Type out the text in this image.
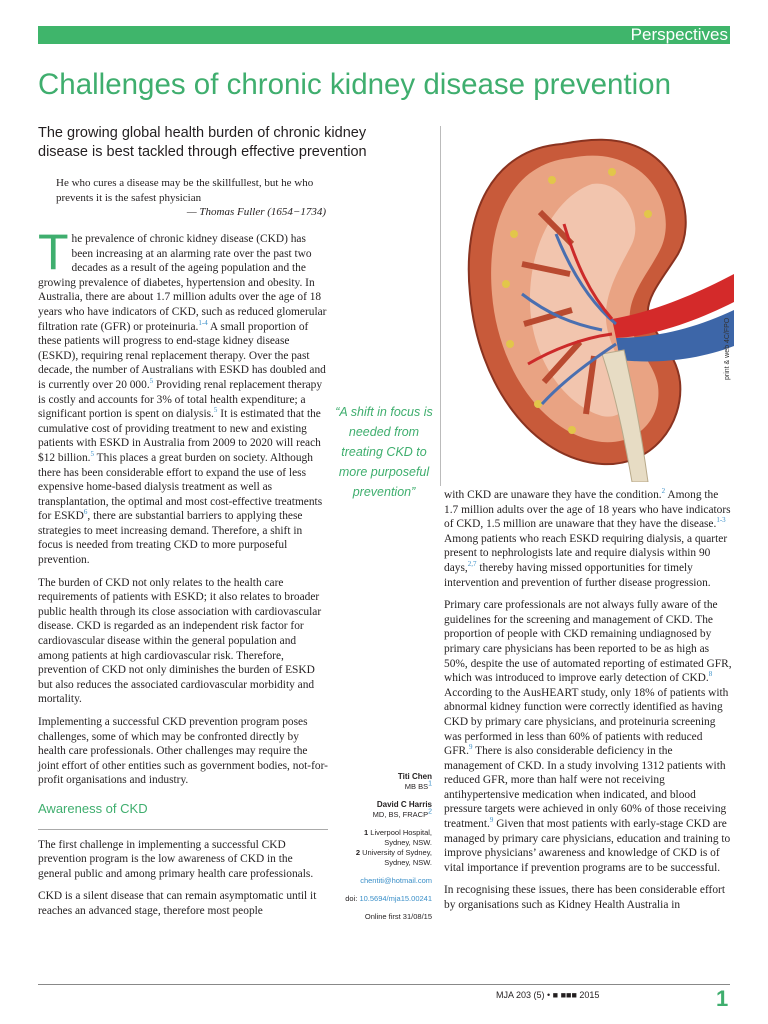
Perspectives
Challenges of chronic kidney disease prevention
The growing global health burden of chronic kidney disease is best tackled through effective prevention
He who cures a disease may be the skillfullest, but he who prevents it is the safest physician
— Thomas Fuller (1654−1734)

The prevalence of chronic kidney disease (CKD) has been increasing at an alarming rate over the past two decades as a result of the ageing population and the growing prevalence of diabetes, hypertension and obesity. In Australia, there are about 1.7 million adults over the age of 18 years who have indicators of CKD, such as reduced glomerular filtration rate (GFR) or proteinuria.$^{1-4}$ A small proportion of these patients will progress to end-stage kidney disease (ESKD), requiring renal replacement therapy. Over the past decade, the number of Australians with ESKD has doubled and is currently over 20 000.$^5$ Providing renal replacement therapy is costly and accounts for 3% of total health expenditure; a significant portion is spent on dialysis.$^5$ It is estimated that the cumulative cost of providing treatment to new and existing patients with ESKD in Australia from 2009 to 2020 will reach $12 billion.$^5$ This places a great burden on society. Although there has been considerable effort to expand the use of less expensive home-based dialysis treatment as well as transplantation, the optimal and most cost-effective treatments for ESKD$^6$, there are substantial barriers to applying these strategies to meet increasing demand. Therefore, a shift in focus is needed from treating CKD to more purposeful prevention.

The burden of CKD not only relates to the health care requirements of patients with ESKD; it also relates to broader public health through its close association with cardiovascular disease. CKD is regarded as an independent risk factor for cardiovascular disease within the general population and among patients at high cardiovascular risk. Therefore, prevention of CKD not only diminishes the burden of ESKD but also reduces the associated cardiovascular morbidity and mortality.

Implementing a successful CKD prevention program poses challenges, some of which may be confronted directly by health care professionals. Other challenges may require the joint effort of other entities such as government bodies, not-for-profit organisations and industry.

Awareness of CKD

The first challenge in implementing a successful CKD prevention program is the low awareness of CKD in the general public and among primary health care professionals.

CKD is a silent disease that can remain asymptomatic until it reaches an advanced stage, therefore most people

print & web 4C/FPO
“A shift in focus is needed from treating CKD to more purposeful prevention”
Titi Chen
MB $BS^1$
David C Harris
MD, BS, FRACP$^2$
1 Liverpool Hospital, Sydney, NSW.
2 University of Sydney, Sydney, NSW.
chentiti@hotmail.com
doi: 10.5694/mja15.00241
Online first 31/08/15

with CKD are unaware they have the condition.$^2$ Among the 1.7 million adults over the age of 18 years who have indicators of CKD, 1.5 million are unaware that they have the disease.$^{1-3}$ Among patients who reach ESKD requiring dialysis, a quarter present to nephrologists late and require dialysis within 90 days,$^{2,7}$ thereby having missed opportunities for timely intervention and prevention of further disease progression.

Primary care professionals are not always fully aware of the guidelines for the screening and management of CKD. The proportion of people with CKD remaining undiagnosed by primary care physicians has been reported to be as high as 50%, despite the use of automated reporting of estimated GFR, which was introduced to improve early detection of CKD.$^8$ According to the AusHEART study, only 18% of patients with abnormal kidney function were correctly identified as having CKD by primary care physicians, and proteinuria screening was performed in less than 60% of patients with reduced GFR.$^9$ There is also considerable deficiency in the management of CKD. In a study involving 1312 patients with reduced GFR, more than half were not receiving antihypertensive medication when indicated, and blood pressure targets were achieved in only 60% of those receiving treatment.$^9$ Given that most patients with early-stage CKD are managed by primary care physicians, education and training to improve physicians’ awareness and knowledge of CKD is of vital importance if prevention programs are to be successful.

In recognising these issues, there has been considerable effort by organisations such as Kidney Health Australia in

MJA 203 (5) • ■ ■■■ 2015	1
